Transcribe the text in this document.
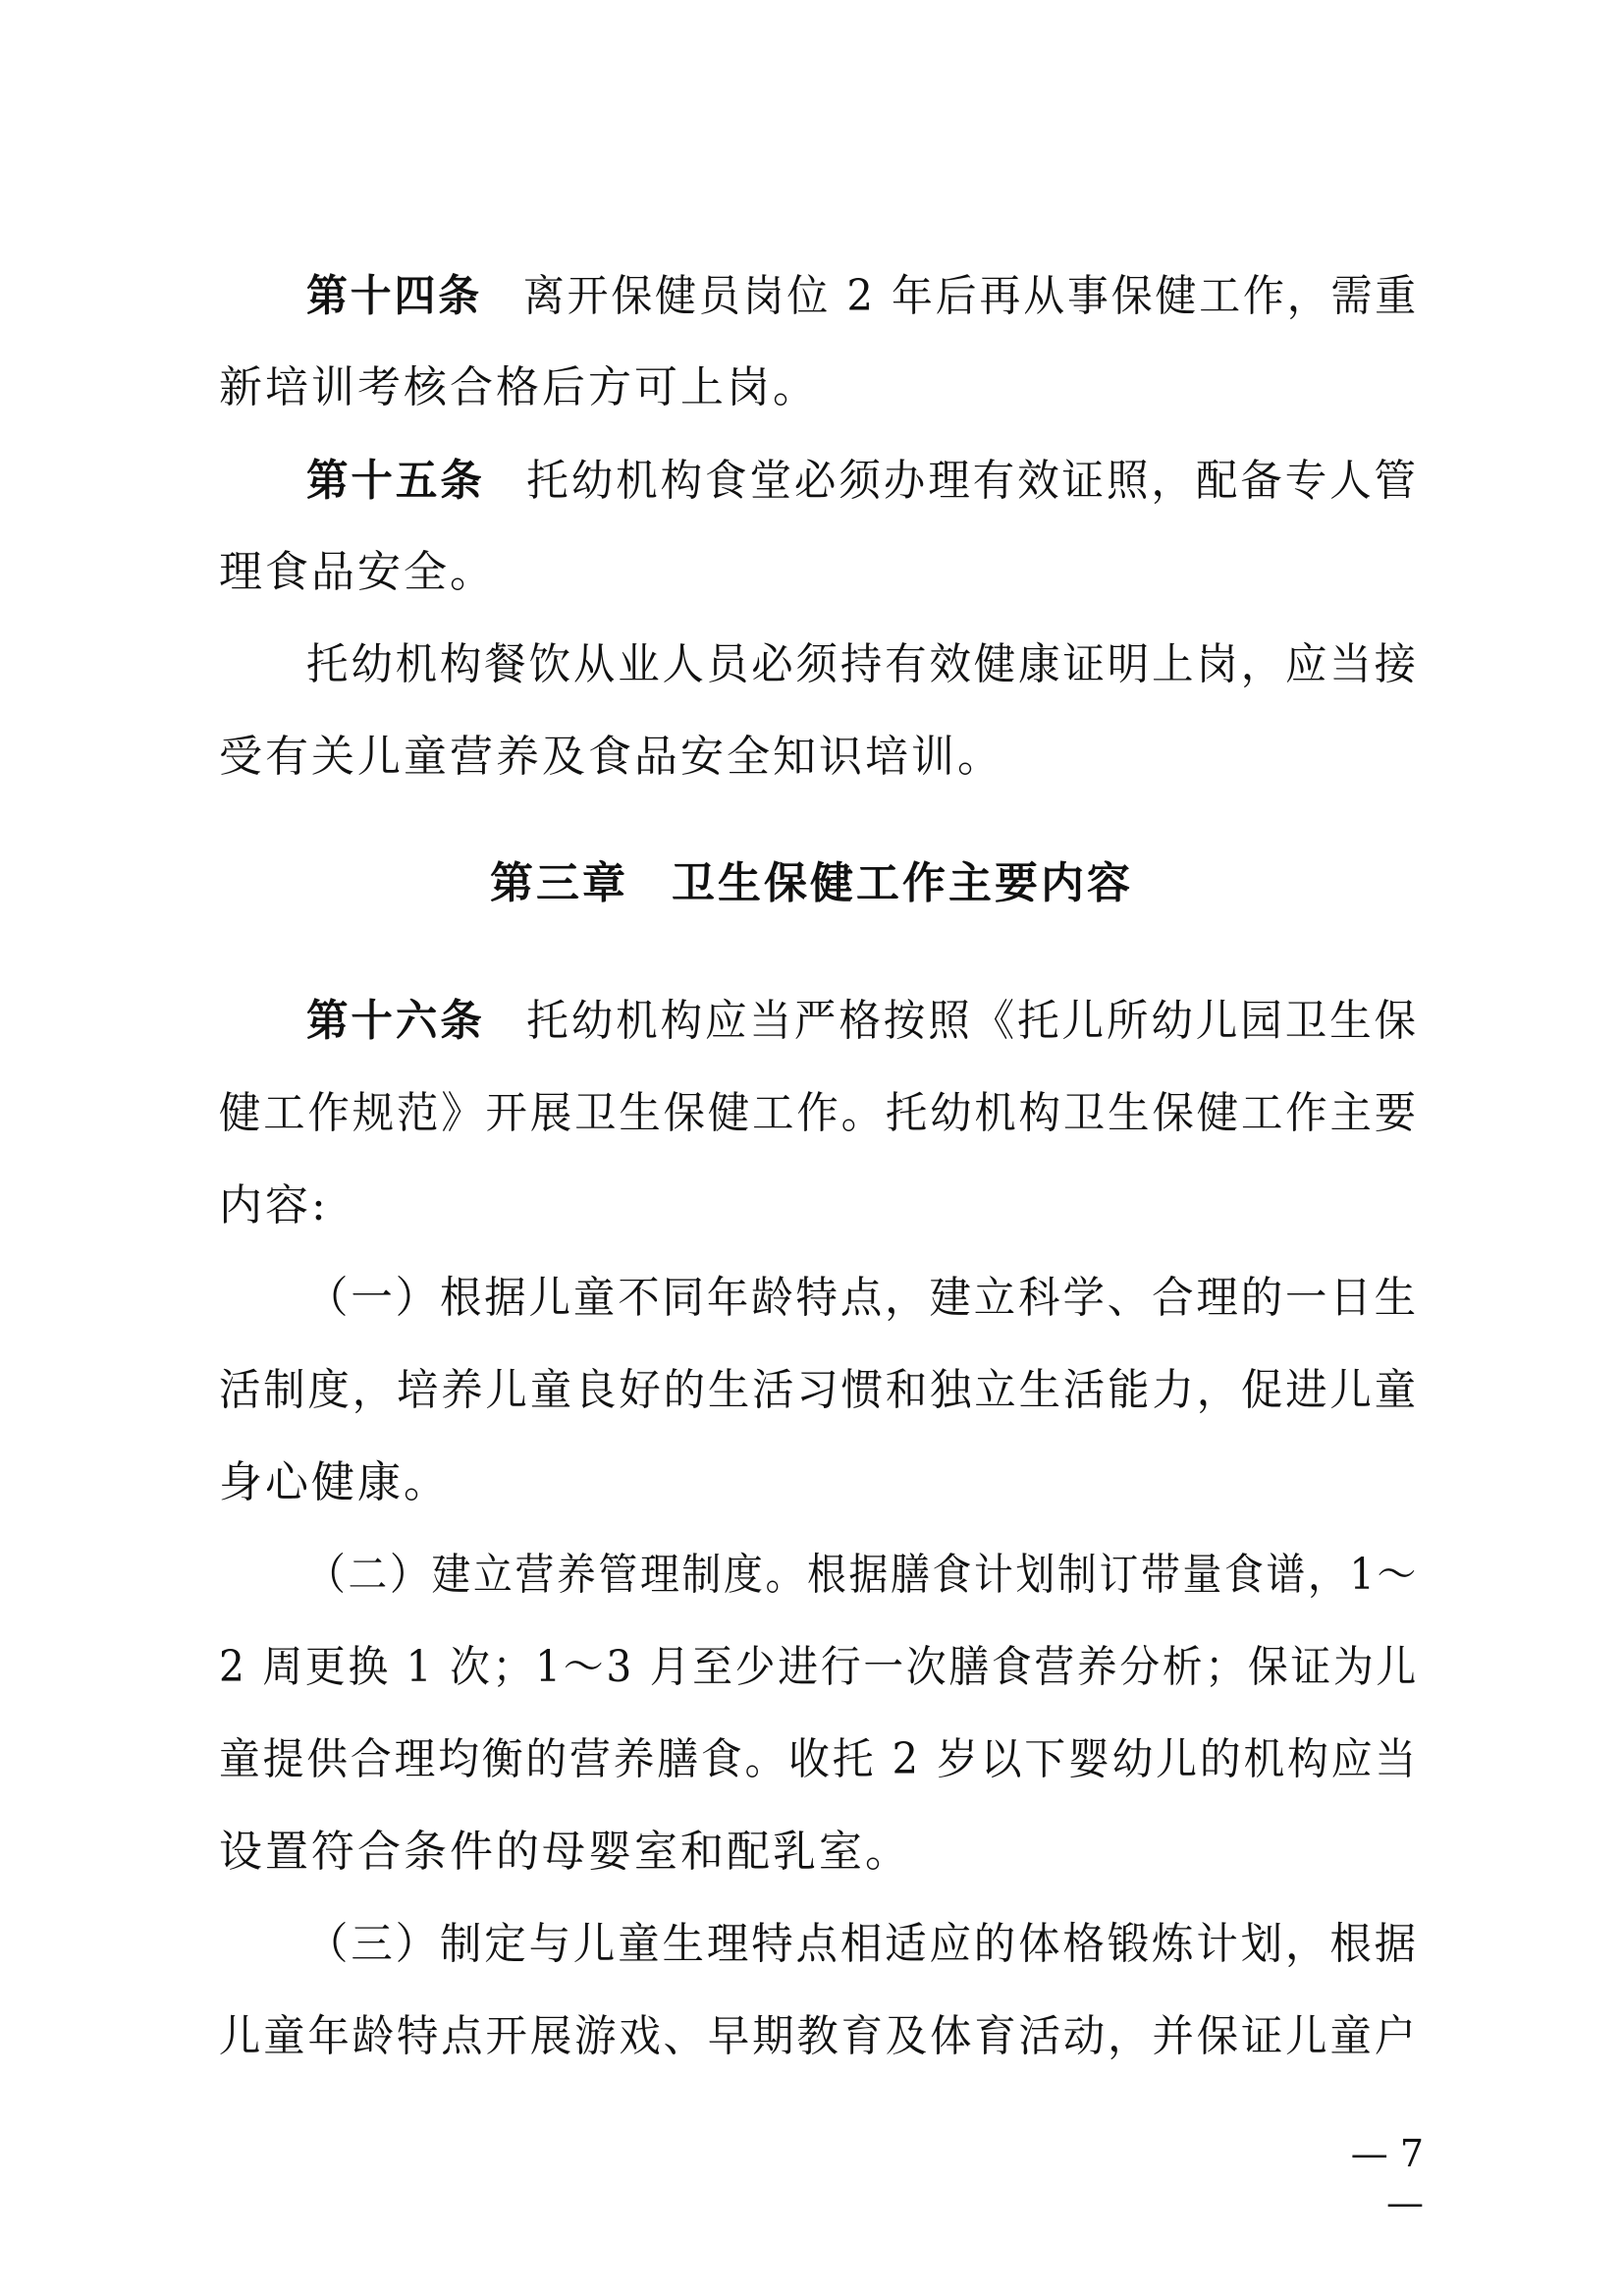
第十四条 离开保健员岗位 2 年后再从事保健工作，需重
新培训考核合格后方可上岗。
第十五条 托幼机构食堂必须办理有效证照，配备专人管
理食品安全。
托幼机构餐饮从业人员必须持有效健康证明上岗，应当接
受有关儿童营养及食品安全知识培训。
第三章 卫生保健工作主要内容
第十六条 托幼机构应当严格按照《托儿所幼儿园卫生保
健工作规范》开展卫生保健工作。托幼机构卫生保健工作主要
内容:
（一）根据儿童不同年龄特点，建立科学、合理的一日生
活制度，培养儿童良好的生活习惯和独立生活能力，促进儿童
身心健康。
（二）建立营养管理制度。根据膳食计划制订带量食谱，1～
2 周更换 1 次；1～3 月至少进行一次膳食营养分析；保证为儿
童提供合理均衡的营养膳食。收托 2 岁以下婴幼儿的机构应当
设置符合条件的母婴室和配乳室。
（三）制定与儿童生理特点相适应的体格锻炼计划，根据
儿童年龄特点开展游戏、早期教育及体育活动，并保证儿童户
— 7 —
